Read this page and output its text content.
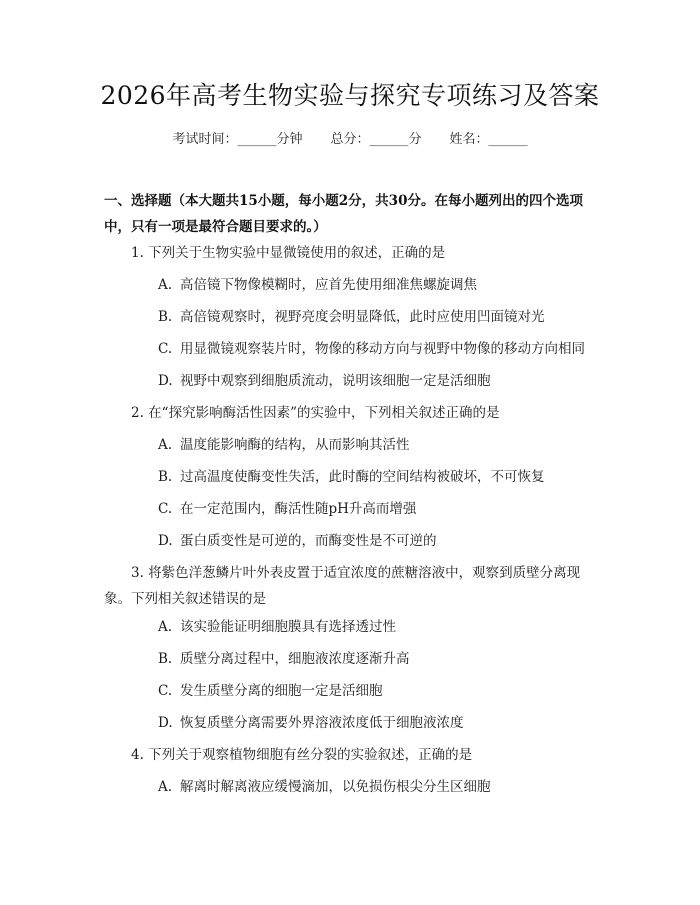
2026年高考生物实验与探究专项练习及答案
考试时间：______分钟 总分：______分 姓名：______
一、选择题（本大题共15小题，每小题2分，共30分。在每小题列出的四个选项中，只有一项是最符合题目要求的。）
1. 下列关于生物实验中显微镜使用的叙述，正确的是
A. 高倍镜下物像模糊时，应首先使用细准焦螺旋调焦
B. 高倍镜观察时，视野亮度会明显降低，此时应使用凹面镜对光
C. 用显微镜观察装片时，物像的移动方向与视野中物像的移动方向相同
D. 视野中观察到细胞质流动，说明该细胞一定是活细胞
2. 在“探究影响酶活性因素”的实验中，下列相关叙述正确的是
A. 温度能影响酶的结构，从而影响其活性
B. 过高温度使酶变性失活，此时酶的空间结构被破坏，不可恢复
C. 在一定范围内，酶活性随pH升高而增强
D. 蛋白质变性是可逆的，而酶变性是不可逆的
3. 将紫色洋葱鳞片叶外表皮置于适宜浓度的蔗糖溶液中，观察到质壁分离现象。下列相关叙述错误的是
A. 该实验能证明细胞膜具有选择透过性
B. 质壁分离过程中，细胞液浓度逐渐升高
C. 发生质壁分离的细胞一定是活细胞
D. 恢复质壁分离需要外界溶液浓度低于细胞液浓度
4. 下列关于观察植物细胞有丝分裂的实验叙述，正确的是
A. 解离时解离液应缓慢滴加，以免损伤根尖分生区细胞
